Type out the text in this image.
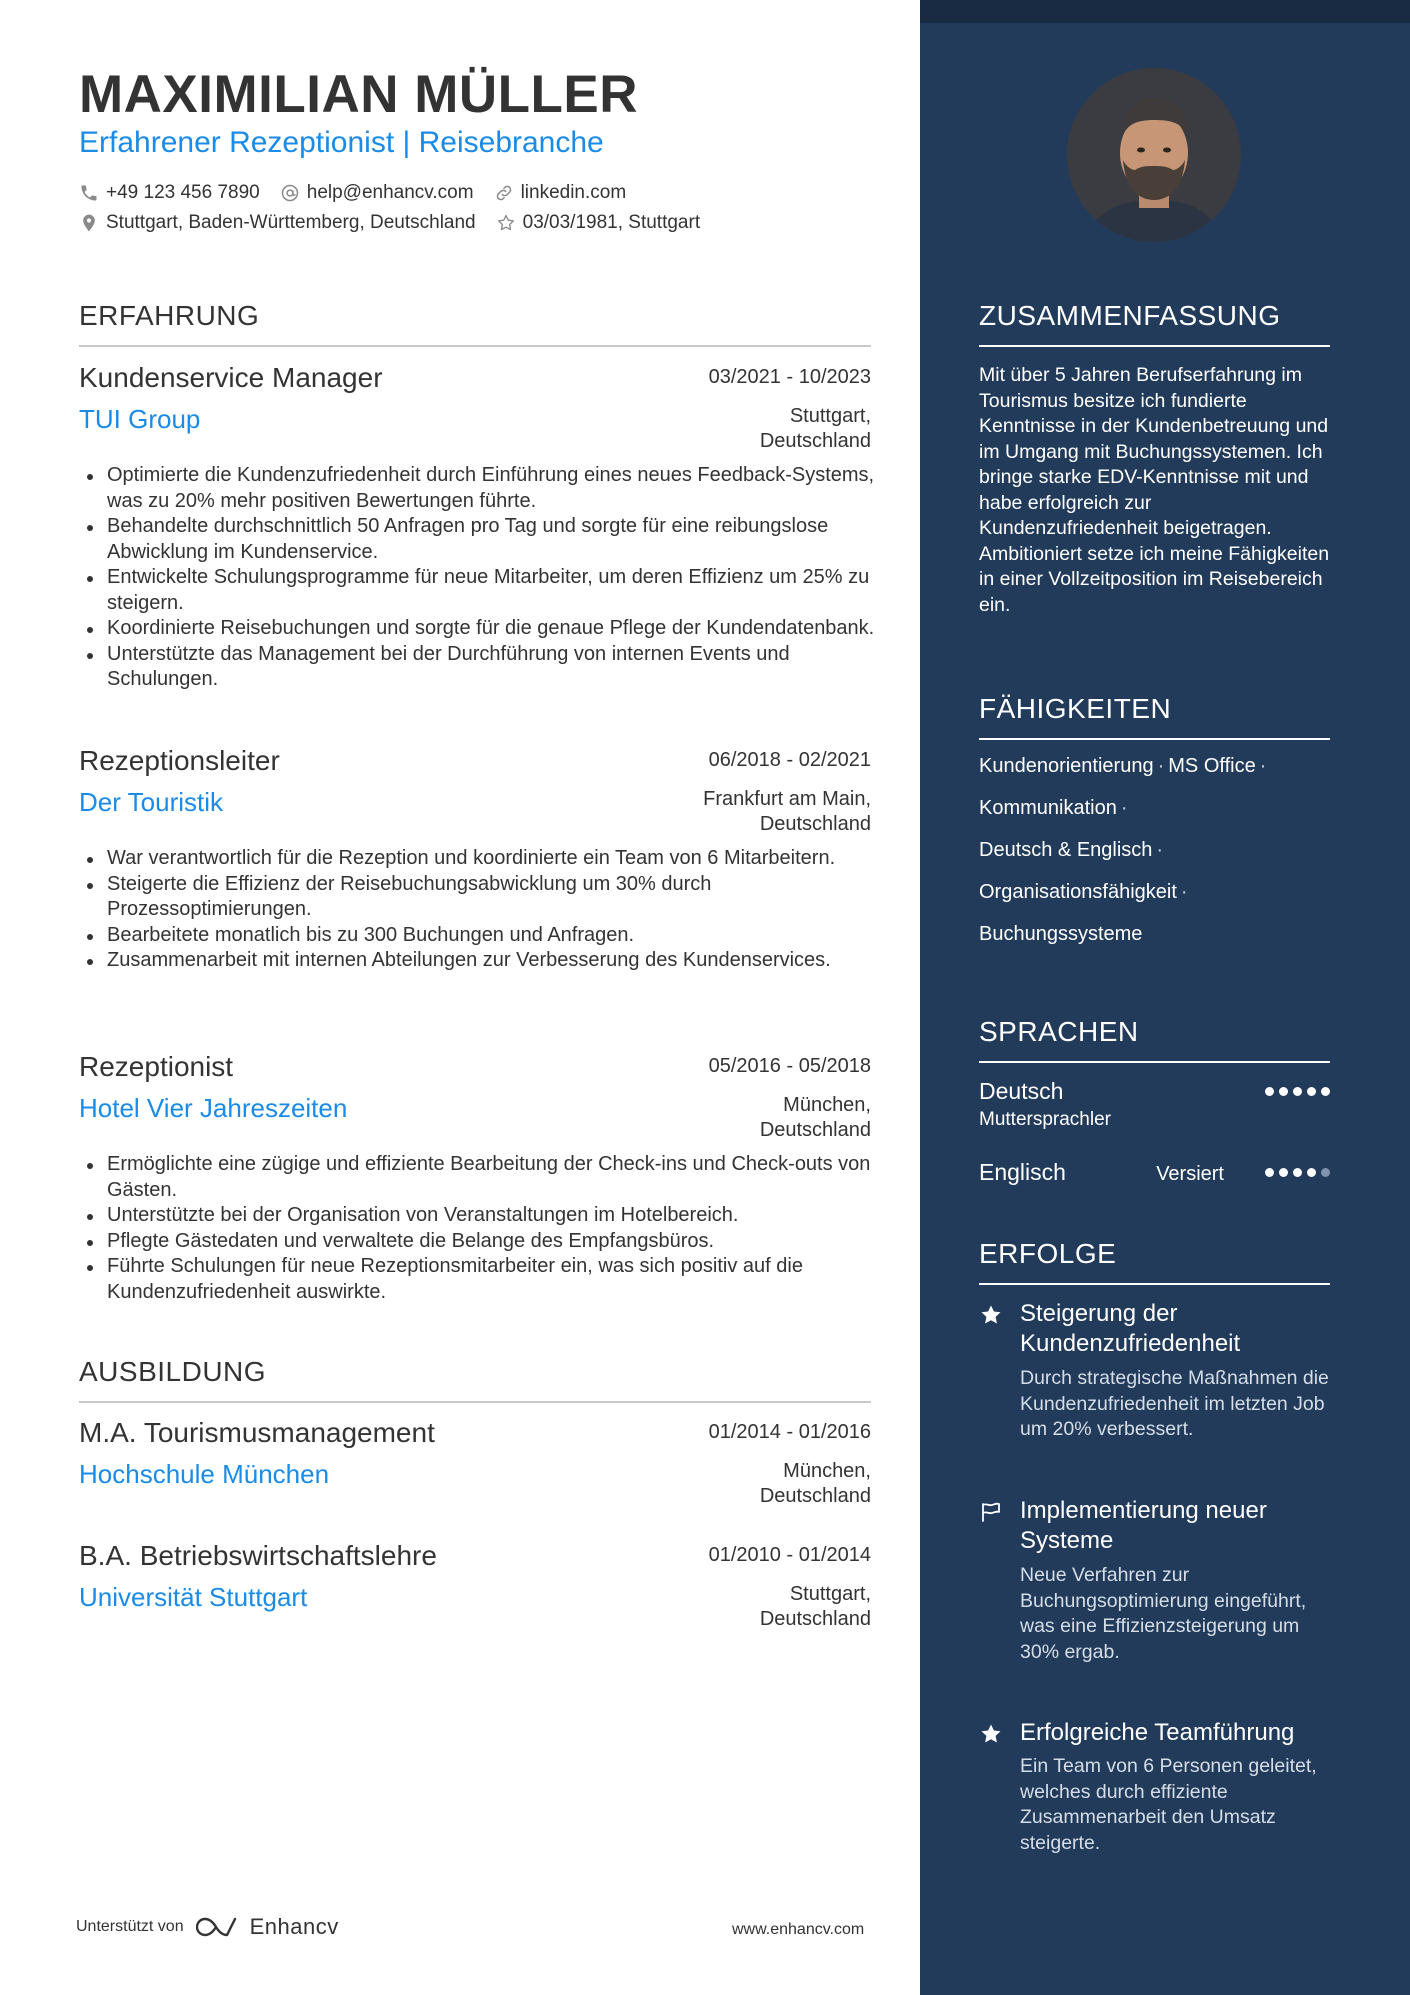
MAXIMILIAN MÜLLER
Erfahrener Rezeptionist | Reisebranche
+49 123 456 7890 help@enhancv.com linkedin.com
Stuttgart, Baden-Württemberg, Deutschland 03/03/1981, Stuttgart
ERFAHRUNG
Kundenservice Manager	03/2021 - 10/2023
TUI Group	Stuttgart,
Deutschland
Optimierte die Kundenzufriedenheit durch Einführung eines neues Feedback-Systems, was zu 20% mehr positiven Bewertungen führte.
Behandelte durchschnittlich 50 Anfragen pro Tag und sorgte für eine reibungslose Abwicklung im Kundenservice.
Entwickelte Schulungsprogramme für neue Mitarbeiter, um deren Effizienz um 25% zu steigern.
Koordinierte Reisebuchungen und sorgte für die genaue Pflege der Kundendatenbank.
Unterstützte das Management bei der Durchführung von internen Events und Schulungen.
Rezeptionsleiter	06/2018 - 02/2021
Der Touristik	Frankfurt am Main,
Deutschland
War verantwortlich für die Rezeption und koordinierte ein Team von 6 Mitarbeitern.
Steigerte die Effizienz der Reisebuchungsabwicklung um 30% durch Prozessoptimierungen.
Bearbeitete monatlich bis zu 300 Buchungen und Anfragen.
Zusammenarbeit mit internen Abteilungen zur Verbesserung des Kundenservices.
Rezeptionist	05/2016 - 05/2018
Hotel Vier Jahreszeiten	München,
Deutschland
Ermöglichte eine zügige und effiziente Bearbeitung der Check-ins und Check-outs von Gästen.
Unterstützte bei der Organisation von Veranstaltungen im Hotelbereich.
Pflegte Gästedaten und verwaltete die Belange des Empfangsbüros.
Führte Schulungen für neue Rezeptionsmitarbeiter ein, was sich positiv auf die Kundenzufriedenheit auswirkte.
AUSBILDUNG
M.A. Tourismusmanagement	01/2014 - 01/2016
Hochschule München	München,
Deutschland
B.A. Betriebswirtschaftslehre	01/2010 - 01/2014
Universität Stuttgart	Stuttgart,
Deutschland
Unterstützt von	Enhancv	www.enhancv.com
ZUSAMMENFASSUNG
Mit über 5 Jahren Berufserfahrung im Tourismus besitze ich fundierte Kenntnisse in der Kundenbetreuung und im Umgang mit Buchungssystemen. Ich bringe starke EDV-Kenntnisse mit und habe erfolgreich zur Kundenzufriedenheit beigetragen. Ambitioniert setze ich meine Fähigkeiten in einer Vollzeitposition im Reisebereich ein.
FÄHIGKEITEN
Kundenorientierung · MS Office ·
Kommunikation ·
Deutsch & Englisch ·
Organisationsfähigkeit ·
Buchungssysteme
SPRACHEN
Deutsch
Muttersprachler
Englisch	Versiert
ERFOLGE
Steigerung der Kundenzufriedenheit
Durch strategische Maßnahmen die Kundenzufriedenheit im letzten Job um 20% verbessert.
Implementierung neuer Systeme
Neue Verfahren zur Buchungsoptimierung eingeführt, was eine Effizienzsteigerung um 30% ergab.
Erfolgreiche Teamführung
Ein Team von 6 Personen geleitet, welches durch effiziente Zusammenarbeit den Umsatz steigerte.
